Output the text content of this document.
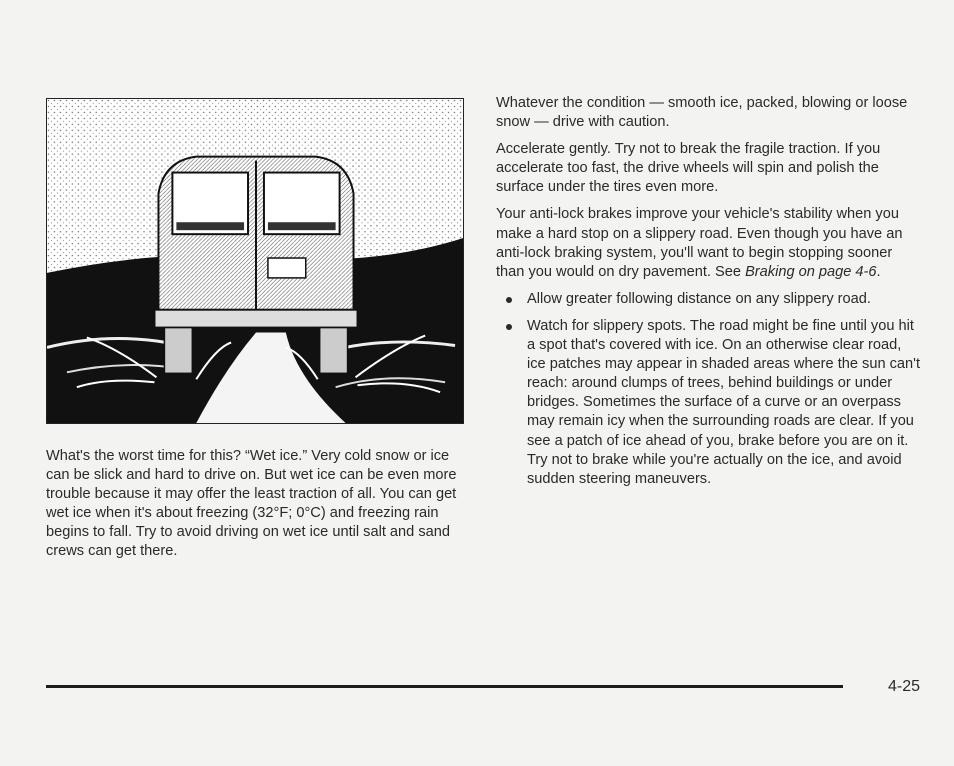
What's the worst time for this? “Wet ice.” Very cold snow or ice can be slick and hard to drive on. But wet ice can be even more trouble because it may offer the least traction of all. You can get wet ice when it's about freezing (32°F; 0°C) and freezing rain begins to fall. Try to avoid driving on wet ice until salt and sand crews can get there.

Whatever the condition — smooth ice, packed, blowing or loose snow — drive with caution.

Accelerate gently. Try not to break the fragile traction. If you accelerate too fast, the drive wheels will spin and polish the surface under the tires even more.

Your anti-lock brakes improve your vehicle's stability when you make a hard stop on a slippery road. Even though you have an anti-lock braking system, you'll want to begin stopping sooner than you would on dry pavement. See Braking on page 4-6.

Allow greater following distance on any slippery road.
Watch for slippery spots. The road might be fine until you hit a spot that's covered with ice. On an otherwise clear road, ice patches may appear in shaded areas where the sun can't reach: around clumps of trees, behind buildings or under bridges. Sometimes the surface of a curve or an overpass may remain icy when the surrounding roads are clear. If you see a patch of ice ahead of you, brake before you are on it. Try not to brake while you're actually on the ice, and avoid sudden steering maneuvers.
4-25
